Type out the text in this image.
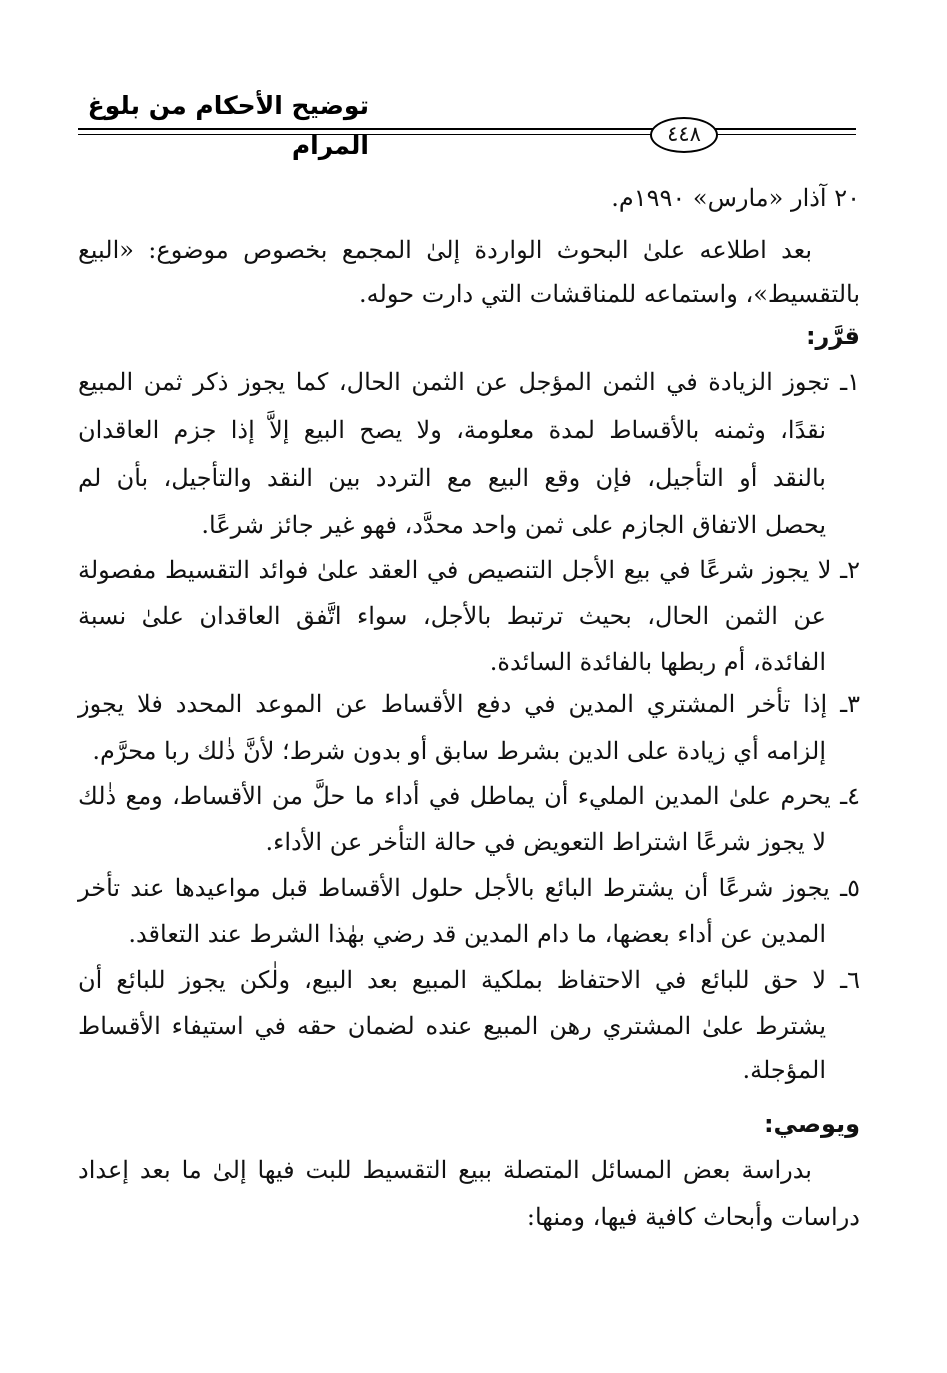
توضيح الأحكام من بلوغ المرام	٤٤٨
٢٠ آذار «مارس» ١٩٩٠م.
بعد اطلاعه علىٰ البحوث الواردة إلىٰ المجمع بخصوص موضوع: «البيع
بالتقسيط»، واستماعه للمناقشات التي دارت حوله.
قرَّر:
١ـ تجوز الزيادة في الثمن المؤجل عن الثمن الحال، كما يجوز ذكر ثمن المبيع
نقدًا، وثمنه بالأقساط لمدة معلومة، ولا يصح البيع إلاَّ إذا جزم العاقدان
بالنقد أو التأجيل، فإن وقع البيع مع التردد بين النقد والتأجيل، بأن لم
يحصل الاتفاق الجازم على ثمن واحد محدَّد، فهو غير جائز شرعًا.
٢ـ لا يجوز شرعًا في بيع الأجل التنصيص في العقد علىٰ فوائد التقسيط مفصولة
عن الثمن الحال، بحيث ترتبط بالأجل، سواء اتَّفق العاقدان علىٰ نسبة
الفائدة، أم ربطها بالفائدة السائدة.
٣ـ إذا تأخر المشتري المدين في دفع الأقساط عن الموعد المحدد فلا يجوز
إلزامه أي زيادة على الدين بشرط سابق أو بدون شرط؛ لأنَّ ذٰلك ربا محرَّم.
٤ـ يحرم علىٰ المدين المليء أن يماطل في أداء ما حلَّ من الأقساط، ومع ذٰلك
لا يجوز شرعًا اشتراط التعويض في حالة التأخر عن الأداء.
٥ـ يجوز شرعًا أن يشترط البائع بالأجل حلول الأقساط قبل مواعيدها عند تأخر
المدين عن أداء بعضها، ما دام المدين قد رضي بهٰذا الشرط عند التعاقد.
٦ـ لا حق للبائع في الاحتفاظ بملكية المبيع بعد البيع، ولٰكن يجوز للبائع أن
يشترط علىٰ المشتري رهن المبيع عنده لضمان حقه في استيفاء الأقساط
المؤجلة.
ويوصي:
بدراسة بعض المسائل المتصلة ببيع التقسيط للبت فيها إلىٰ ما بعد إعداد
دراسات وأبحاث كافية فيها، ومنها:
